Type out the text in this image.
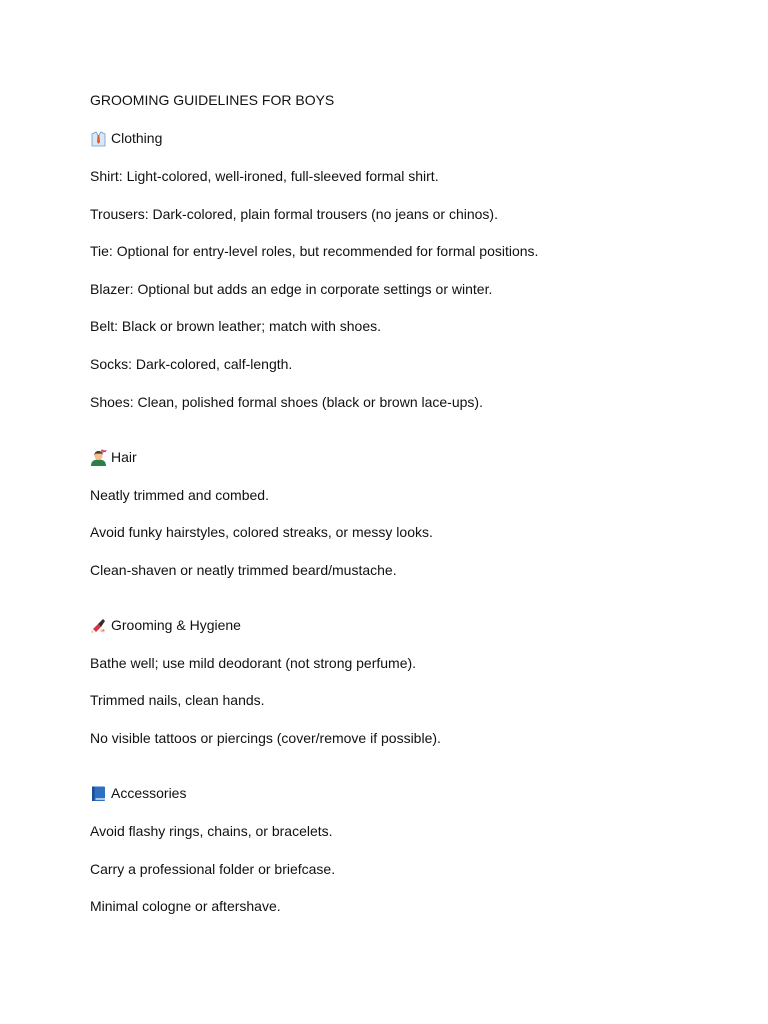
GROOMING GUIDELINES FOR BOYS

Clothing

Shirt: Light-colored, well-ironed, full-sleeved formal shirt.

Trousers: Dark-colored, plain formal trousers (no jeans or chinos).

Tie: Optional for entry-level roles, but recommended for formal positions.

Blazer: Optional but adds an edge in corporate settings or winter.

Belt: Black or brown leather; match with shoes.

Socks: Dark-colored, calf-length.

Shoes: Clean, polished formal shoes (black or brown lace-ups).

Hair

Neatly trimmed and combed.

Avoid funky hairstyles, colored streaks, or messy looks.

Clean-shaven or neatly trimmed beard/mustache.

Grooming & Hygiene

Bathe well; use mild deodorant (not strong perfume).

Trimmed nails, clean hands.

No visible tattoos or piercings (cover/remove if possible).

Accessories

Avoid flashy rings, chains, or bracelets.

Carry a professional folder or briefcase.

Minimal cologne or aftershave.
